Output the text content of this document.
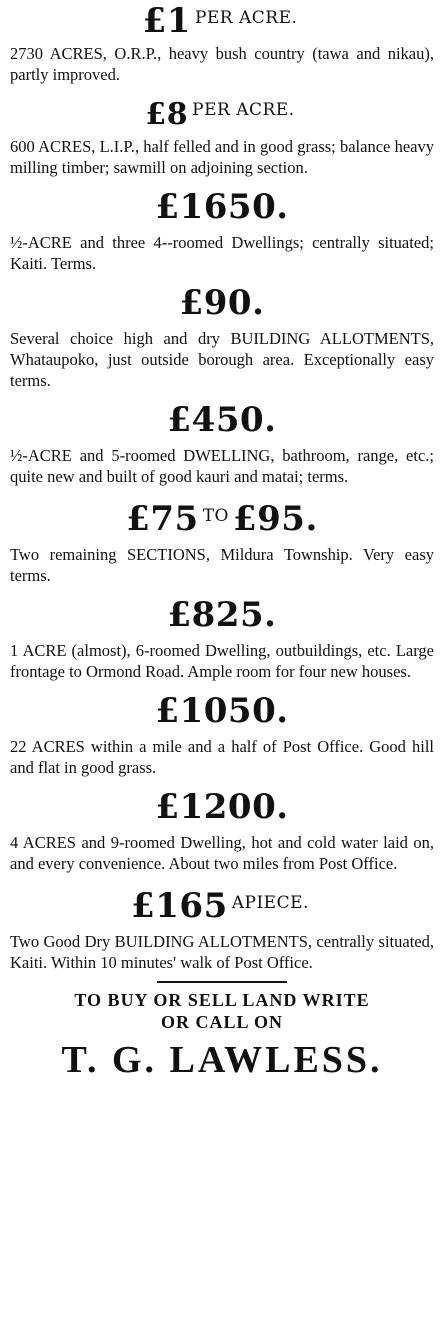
£1 $^{PER ACRE.}$

2730 ACRES, O.R.P., heavy bush country (tawa and nikau), partly improved.

£8 $^{PER ACRE.}$

600 ACRES, L.I.P., half felled and in good grass; balance heavy milling timber; sawmill on adjoining section.

£1650.

½-ACRE and three 4--roomed Dwellings; centrally situated; Kaiti. Terms.

£90.

Several choice high and dry BUILDING ALLOTMENTS, Whataupoko, just outside borough area. Exceptionally easy terms.

£450.

½-ACRE and 5-roomed DWELLING, bathroom, range, etc.; quite new and built of good kauri and matai; terms.

£75 $^{TO}$ £95.

Two remaining SECTIONS, Mildura Township. Very easy terms.

£825.

1 ACRE (almost), 6-roomed Dwelling, outbuildings, etc. Large frontage to Ormond Road. Ample room for four new houses.

£1050.

22 ACRES within a mile and a half of Post Office. Good hill and flat in good grass.

£1200.

4 ACRES and 9-roomed Dwelling, hot and cold water laid on, and every convenience. About two miles from Post Office.

£165 $^{APIECE.}$

Two Good Dry BUILDING ALLOTMENTS, centrally situated, Kaiti. Within 10 minutes' walk of Post Office.

TO BUY OR SELL LAND WRITE
OR CALL ON
T. G. LAWLESS.
